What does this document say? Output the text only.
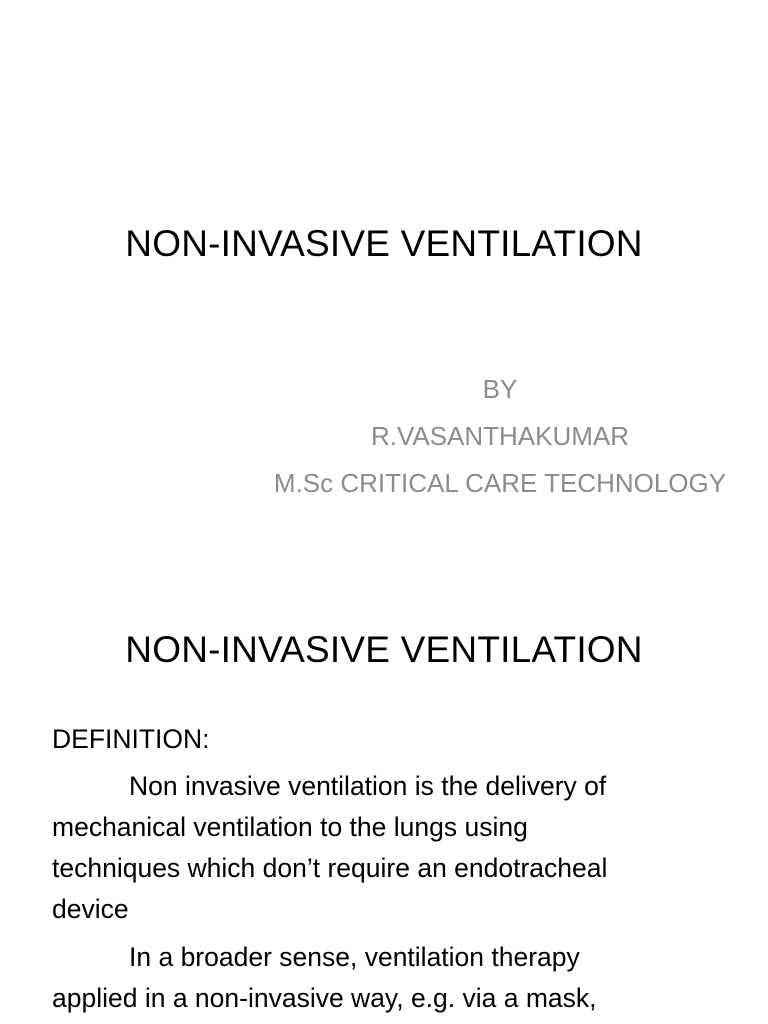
NON-INVASIVE VENTILATION
BY
R.VASANTHAKUMAR
M.Sc CRITICAL CARE TECHNOLOGY
NON-INVASIVE VENTILATION
DEFINITION:
Non invasive ventilation is the delivery of
mechanical ventilation to the lungs using
techniques which don’t require an endotracheal
device
In a broader sense, ventilation therapy
applied in a non-invasive way, e.g. via a mask,
